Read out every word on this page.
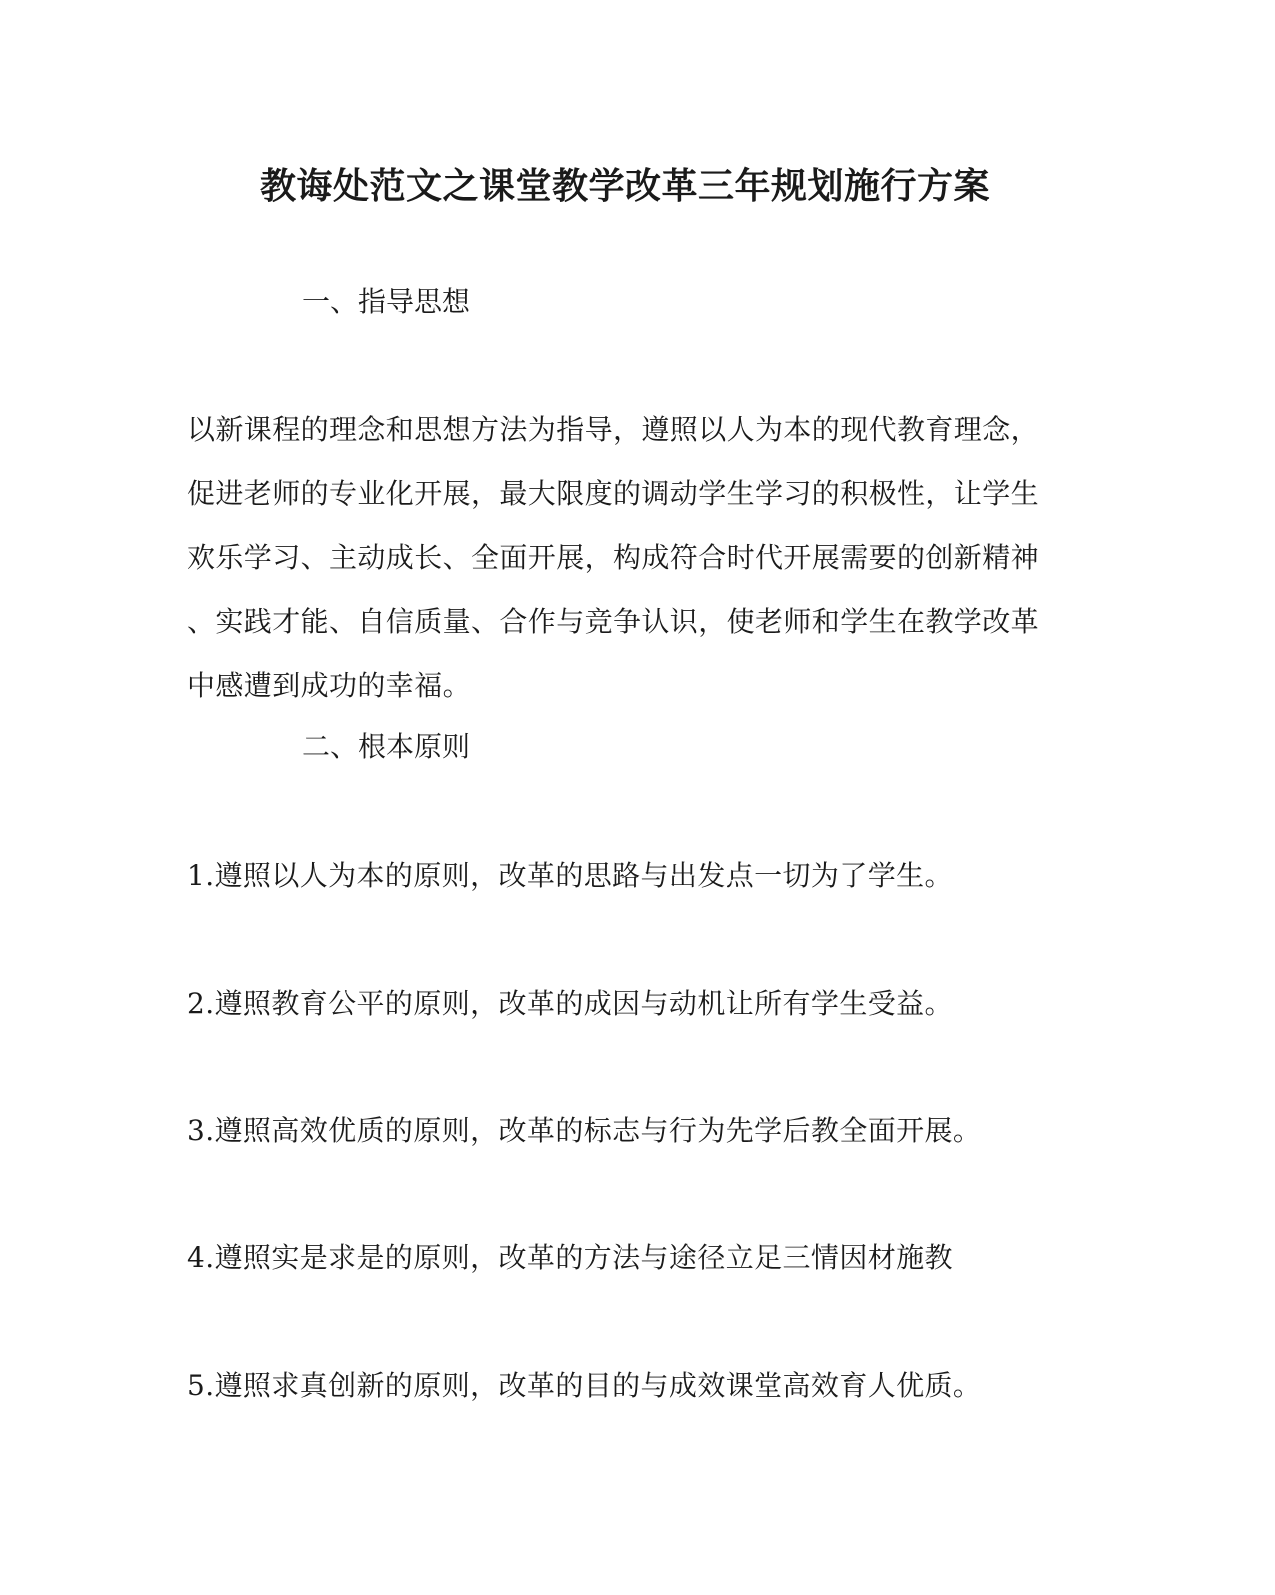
教诲处范文之课堂教学改革三年规划施行方案
一、指导思想
以新课程的理念和思想方法为指导，遵照以人为本的现代教育理念，
促进老师的专业化开展，最大限度的调动学生学习的积极性，让学生
欢乐学习、主动成长、全面开展，构成符合时代开展需要的创新精神
、实践才能、自信质量、合作与竞争认识，使老师和学生在教学改革
中感遭到成功的幸福。
二、根本原则
1.遵照以人为本的原则，改革的思路与出发点一切为了学生。
2.遵照教育公平的原则，改革的成因与动机让所有学生受益。
3.遵照高效优质的原则，改革的标志与行为先学后教全面开展。
4.遵照实是求是的原则，改革的方法与途径立足三情因材施教
5.遵照求真创新的原则，改革的目的与成效课堂高效育人优质。
